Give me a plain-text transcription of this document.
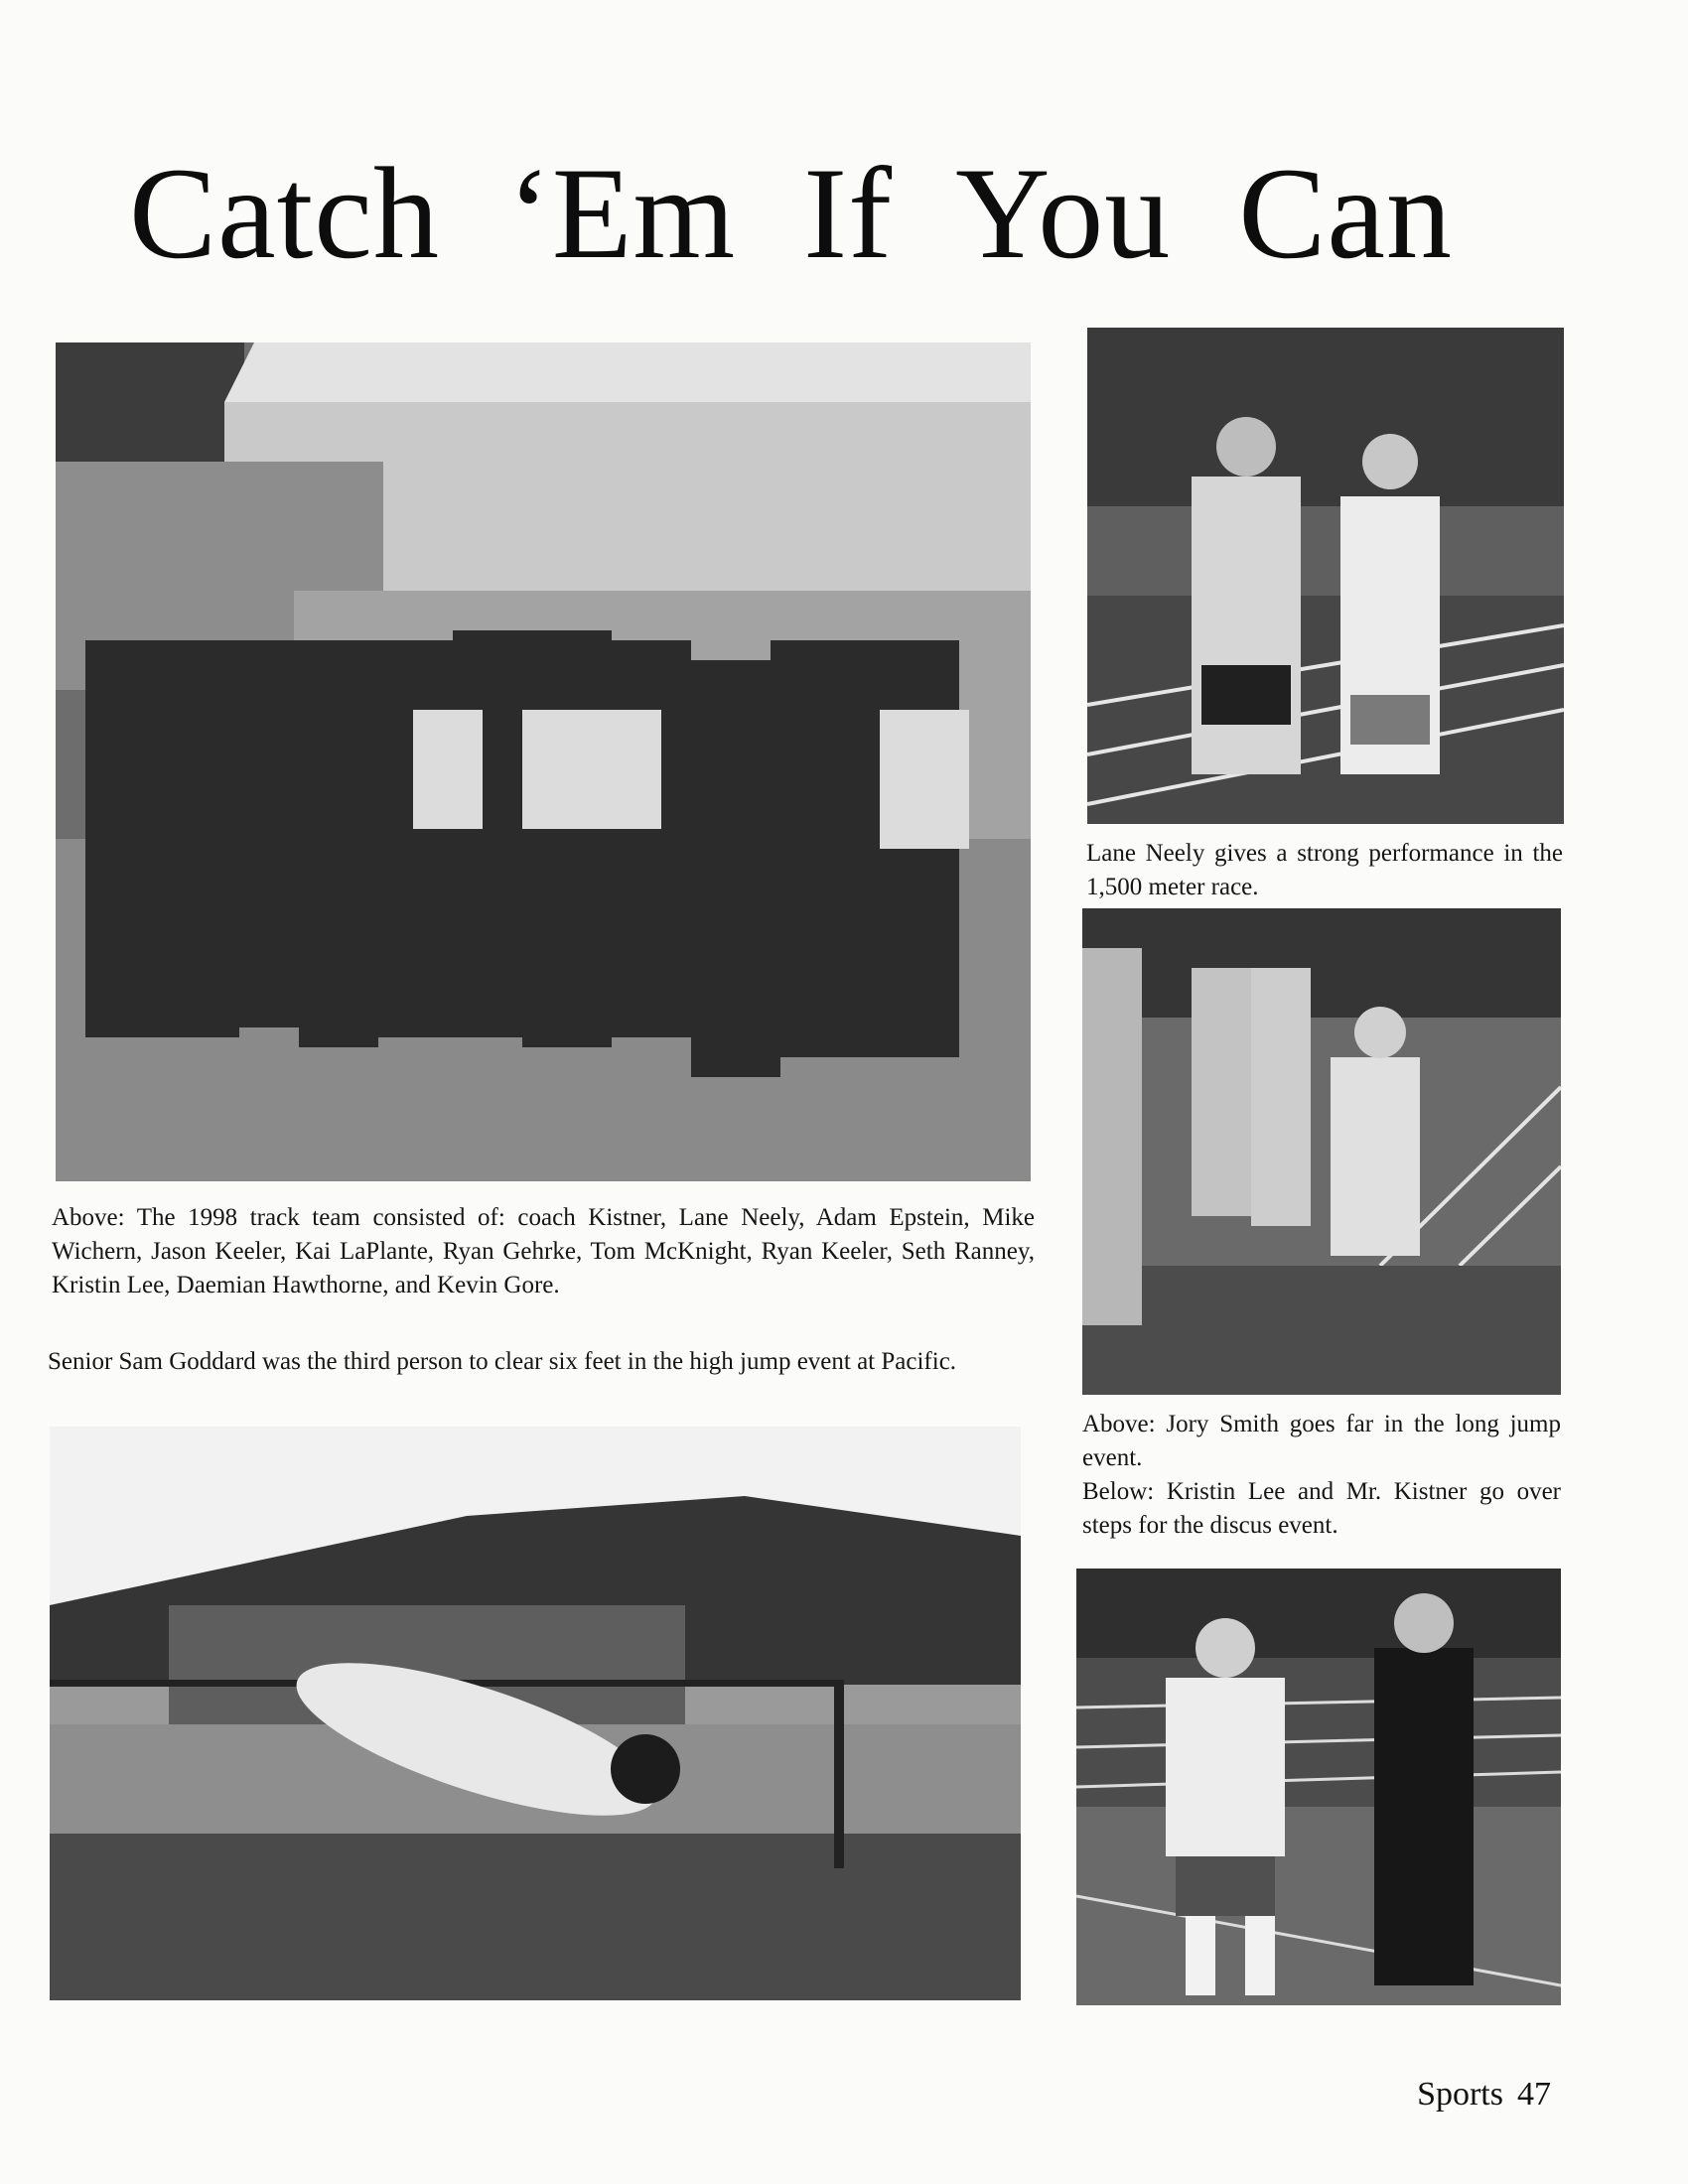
Catch ‘Em If You Can

Above: The 1998 track team consisted of: coach Kistner, Lane Neely, Adam Epstein, Mike Wichern, Jason Keeler, Kai LaPlante, Ryan Gehrke, Tom McKnight, Ryan Keeler, Seth Ranney, Kristin Lee, Daemian Hawthorne, and Kevin Gore.

Senior Sam Goddard was the third person to clear six feet in the high jump event at Pacific.

Lane Neely gives a strong performance in the 1,500 meter race.

Above: Jory Smith goes far in the long jump event.

Below: Kristin Lee and Mr. Kistner go over steps for the discus event.

Sports 47
